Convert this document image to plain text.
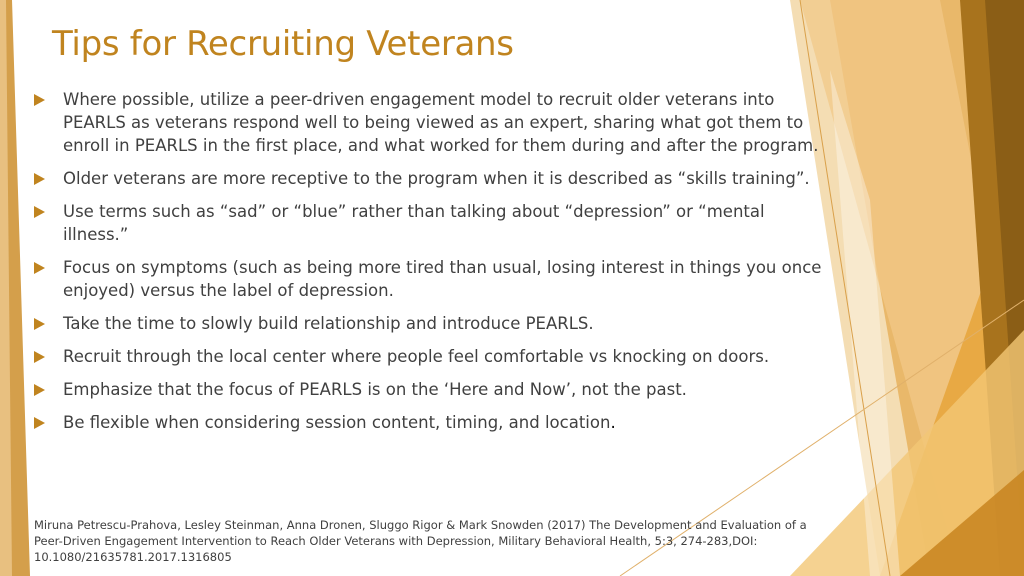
Tips for Recruiting Veterans
Where possible, utilize a peer-driven engagement model to recruit older veterans into PEARLS as veterans respond well to being viewed as an expert, sharing what got them to enroll in PEARLS in the first place, and what worked for them during and after the program.
Older veterans are more receptive to the program when it is described as “skills training”.
Use terms such as “sad” or “blue” rather than talking about “depression” or “mental illness.”
Focus on symptoms (such as being more tired than usual, losing interest in things you once enjoyed) versus the label of depression.
Take the time to slowly build relationship and introduce PEARLS.
Recruit through the local center where people feel comfortable vs knocking on doors.
Emphasize that the focus of PEARLS is on the ‘Here and Now’, not the past.
Be flexible when considering session content, timing, and location.
Miruna Petrescu-Prahova, Lesley Steinman, Anna Dronen, Sluggo Rigor & Mark Snowden (2017) The Development and Evaluation of a Peer-Driven Engagement Intervention to Reach Older Veterans with Depression, Military Behavioral Health, 5:3, 274-283,DOI: 10.1080/21635781.2017.1316805
